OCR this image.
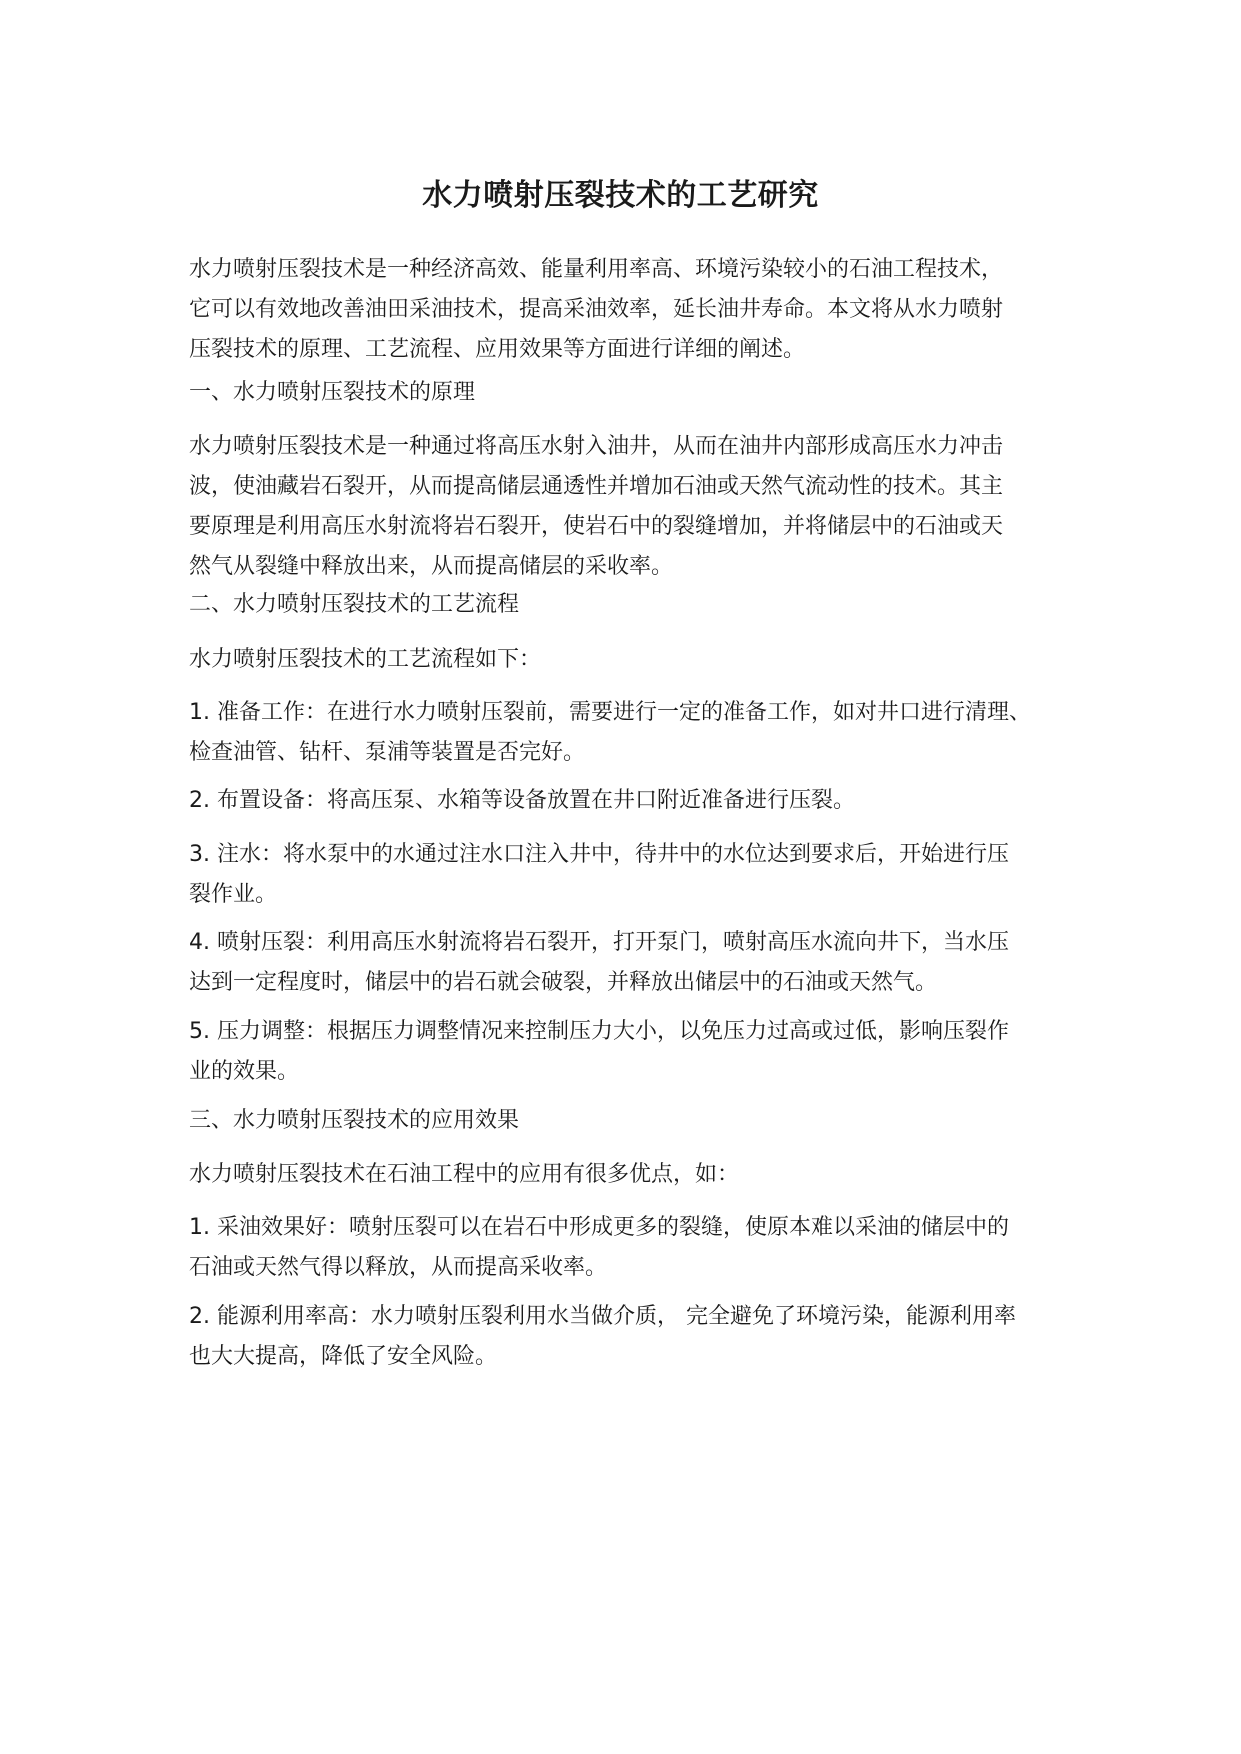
水力喷射压裂技术的工艺研究

水力喷射压裂技术是一种经济高效、能量利用率高、环境污染较小的石油工程技术，
它可以有效地改善油田采油技术，提高采油效率，延长油井寿命。本文将从水力喷射
压裂技术的原理、工艺流程、应用效果等方面进行详细的阐述。

一、水力喷射压裂技术的原理

水力喷射压裂技术是一种通过将高压水射入油井，从而在油井内部形成高压水力冲击
波，使油藏岩石裂开，从而提高储层通透性并增加石油或天然气流动性的技术。其主
要原理是利用高压水射流将岩石裂开，使岩石中的裂缝增加，并将储层中的石油或天
然气从裂缝中释放出来，从而提高储层的采收率。

二、水力喷射压裂技术的工艺流程

水力喷射压裂技术的工艺流程如下：

1. 准备工作：在进行水力喷射压裂前，需要进行一定的准备工作，如对井口进行清理、
检查油管、钻杆、泵浦等装置是否完好。

2. 布置设备：将高压泵、水箱等设备放置在井口附近准备进行压裂。

3. 注水：将水泵中的水通过注水口注入井中，待井中的水位达到要求后，开始进行压
裂作业。

4. 喷射压裂：利用高压水射流将岩石裂开，打开泵门，喷射高压水流向井下，当水压
达到一定程度时，储层中的岩石就会破裂，并释放出储层中的石油或天然气。

5. 压力调整：根据压力调整情况来控制压力大小，以免压力过高或过低，影响压裂作
业的效果。

三、水力喷射压裂技术的应用效果

水力喷射压裂技术在石油工程中的应用有很多优点，如：

1. 采油效果好：喷射压裂可以在岩石中形成更多的裂缝，使原本难以采油的储层中的
石油或天然气得以释放，从而提高采收率。

2. 能源利用率高：水力喷射压裂利用水当做介质， 完全避免了环境污染，能源利用率
也大大提高，降低了安全风险。
